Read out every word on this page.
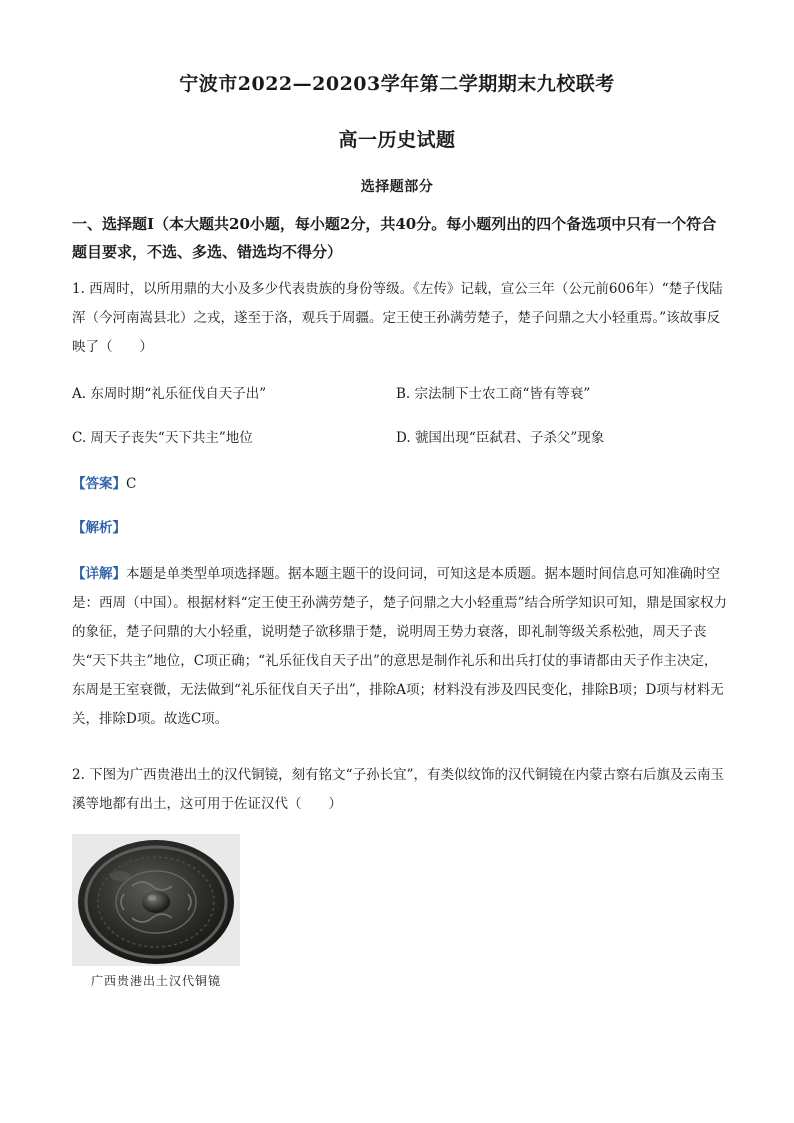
宁波市2022—20203学年第二学期期末九校联考
高一历史试题
选择题部分
一、选择题Ⅰ（本大题共20小题，每小题2分，共40分。每小题列出的四个备选项中只有一个符合题目要求，不选、多选、错选均不得分）
1. 西周时，以所用鼎的大小及多少代表贵族的身份等级。《左传》记载，宣公三年（公元前606年）“楚子伐陆浑（今河南嵩县北）之戎，遂至于洛，观兵于周疆。定王使王孙满劳楚子，楚子问鼎之大小轻重焉。”该故事反映了（　　）
A. 东周时期“礼乐征伐自天子出”	B. 宗法制下士农工商“皆有等衰”
C. 周天子丧失“天下共主”地位	D. 虢国出现“臣弑君、子杀父”现象
【答案】C
【解析】
【详解】本题是单类型单项选择题。据本题主题干的设问词，可知这是本质题。据本题时间信息可知准确时空是：西周（中国）。根据材料“定王使王孙满劳楚子，楚子问鼎之大小轻重焉”结合所学知识可知，鼎是国家权力的象征，楚子问鼎的大小轻重，说明楚子欲移鼎于楚，说明周王势力衰落，即礼制等级关系松弛，周天子丧失“天下共主”地位，C项正确；“礼乐征伐自天子出”的意思是制作礼乐和出兵打仗的事请都由天子作主决定，东周是王室衰微，无法做到“礼乐征伐自天子出”，排除A项；材料没有涉及四民变化，排除B项；D项与材料无关，排除D项。故选C项。
2. 下图为广西贵港出土的汉代铜镜，刻有铭文“子孙长宜”，有类似纹饰的汉代铜镜在内蒙古察右后旗及云南玉溪等地都有出土，这可用于佐证汉代（　　）
广西贵港出土汉代铜镜
